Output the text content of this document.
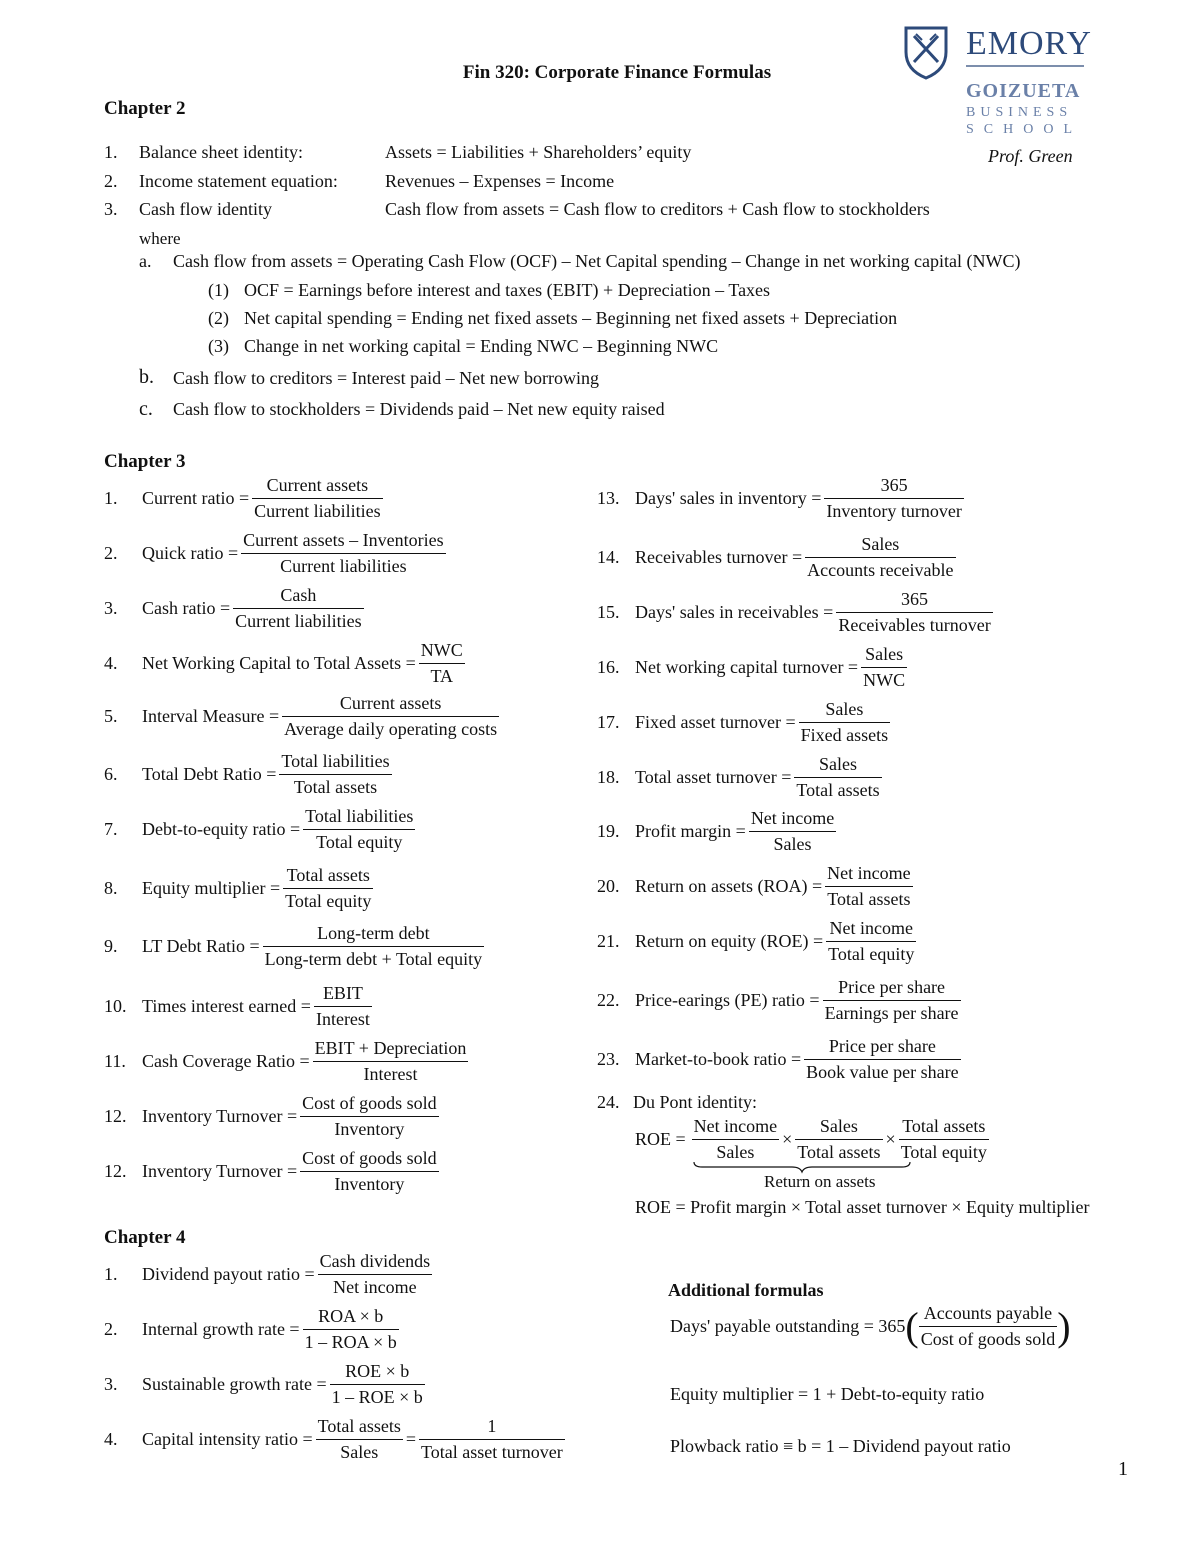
Fin 320: Corporate Finance Formulas
EMORY
GOIZUETA
BUSINESS
SCHOOL
Prof. Green
Chapter 2
1. Balance sheet identity:	Assets = Liabilities + Shareholders’ equity
2. Income statement equation:	Revenues – Expenses = Income
3. Cash flow identity	Cash flow from assets = Cash flow to creditors + Cash flow to stockholders
where
a. Cash flow from assets = Operating Cash Flow (OCF) – Net Capital spending – Change in net working capital (NWC)
(1) OCF = Earnings before interest and taxes (EBIT) + Depreciation – Taxes
(2) Net capital spending = Ending net fixed assets – Beginning net fixed assets + Depreciation
(3) Change in net working capital = Ending NWC – Beginning NWC
b. Cash flow to creditors = Interest paid – Net new borrowing
c. Cash flow to stockholders = Dividends paid – Net new equity raised
Chapter 3
1.	Current ratio =
Current assets
Current liabilities
2.	Quick ratio =
Current assets – Inventories
Current liabilities
3.	Cash ratio =
Cash
Current liabilities
4.	Net Working Capital to Total Assets =
NWC
TA
5.	Interval Measure =
Current assets
Average daily operating costs
6.	Total Debt Ratio =
Total liabilities
Total assets
7.	Debt-to-equity ratio =
Total liabilities
Total equity
8.	Equity multiplier =
Total assets
Total equity
9.	LT Debt Ratio =
Long-term debt
Long-term debt + Total equity
10. Times interest earned =
EBIT
Interest
11. Cash Coverage Ratio =
EBIT + Depreciation
Interest
12. Inventory Turnover =
Cost of goods sold
Inventory
13. Days' sales in inventory =
365
Inventory turnover
14. Receivables turnover =
Sales
Accounts receivable
15. Days' sales in receivables =
365
Receivables turnover
16. Net working capital turnover =
Sales
NWC
17. Fixed asset turnover =
Sales
Fixed assets
18. Total asset turnover =
Sales
Total assets
19. Profit margin =
Net income
Sales
20. Return on assets (ROA) =
Net income
Total assets
21. Return on equity (ROE) =
Net income
Total equity
22. Price-earings (PE) ratio =
Price per share
Earnings per share
23. Market-to-book ratio =
Price per share
Book value per share
12. Inventory Turnover =
Cost of goods sold
Inventory
24. Du Pont identity:
ROE =
Net income
Sales
×
Sales
Total assets
×
Total assets
Total equity
Return on assets
ROE = Profit margin × Total asset turnover × Equity multiplier
Chapter 4
1.	Dividend payout ratio =
Cash dividends
Net income
2.	Internal growth rate =
ROA × b
1 – ROA × b
3.	Sustainable growth rate =
ROE × b
1 – ROE × b
4.	Capital intensity ratio =
Total assets
Sales
=
1
Total asset turnover
Additional formulas
Days' payable outstanding = 365 ( Accounts payable
Cost of goods sold )
Equity multiplier = 1 + Debt-to-equity ratio
Plowback ratio ≡ b = 1 – Dividend payout ratio
1
